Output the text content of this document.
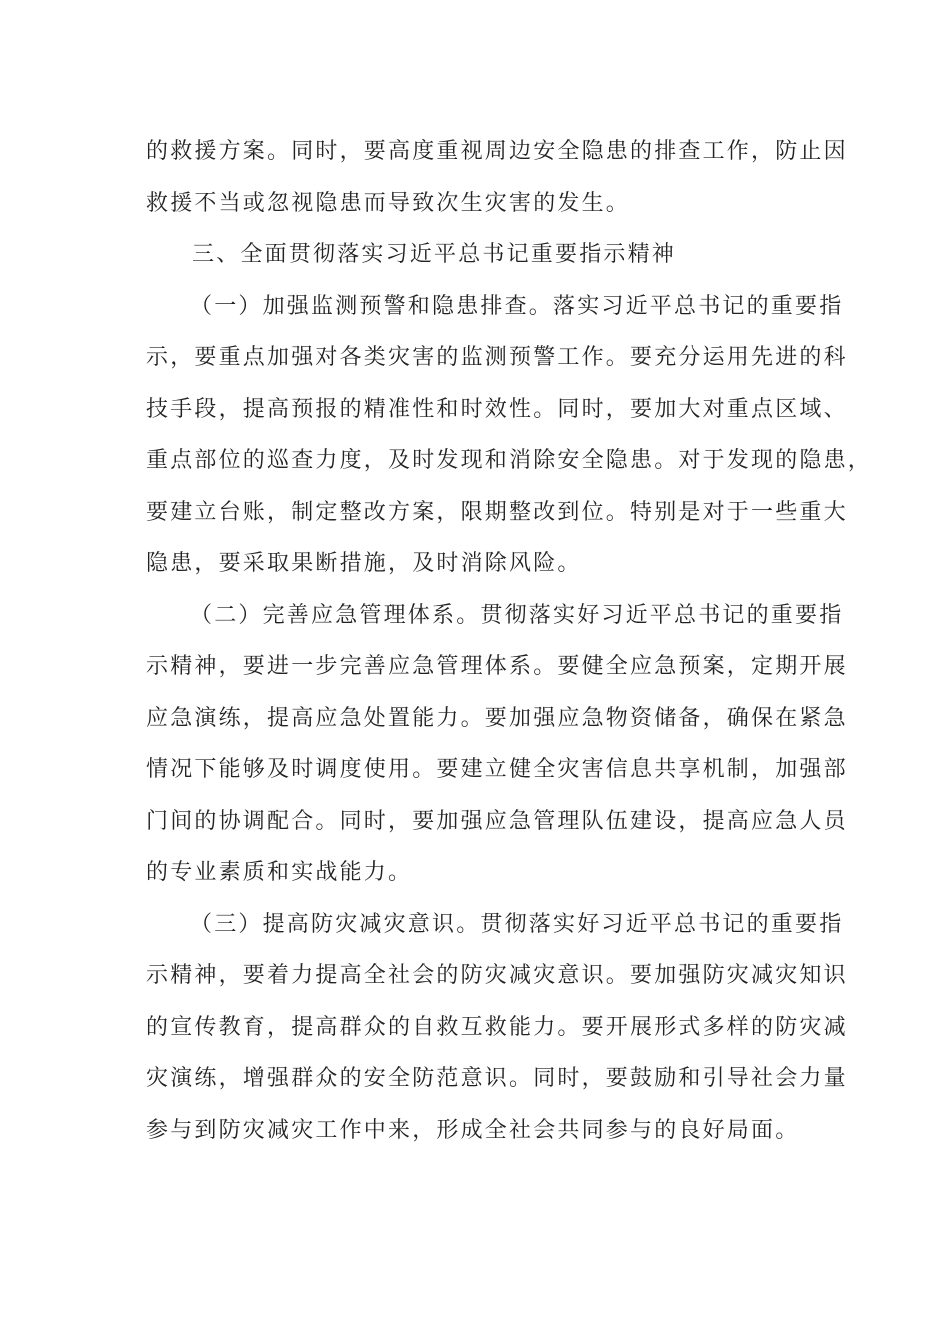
的救援方案。同时，要高度重视周边安全隐患的排查工作，防止因
救援不当或忽视隐患而导致次生灾害的发生。
三、全面贯彻落实习近平总书记重要指示精神
（一）加强监测预警和隐患排查。落实习近平总书记的重要指
示，要重点加强对各类灾害的监测预警工作。要充分运用先进的科
技手段，提高预报的精准性和时效性。同时，要加大对重点区域、
重点部位的巡查力度，及时发现和消除安全隐患。对于发现的隐患，
要建立台账，制定整改方案，限期整改到位。特别是对于一些重大
隐患，要采取果断措施，及时消除风险。
（二）完善应急管理体系。贯彻落实好习近平总书记的重要指
示精神，要进一步完善应急管理体系。要健全应急预案，定期开展
应急演练，提高应急处置能力。要加强应急物资储备，确保在紧急
情况下能够及时调度使用。要建立健全灾害信息共享机制，加强部
门间的协调配合。同时，要加强应急管理队伍建设，提高应急人员
的专业素质和实战能力。
（三）提高防灾减灾意识。贯彻落实好习近平总书记的重要指
示精神，要着力提高全社会的防灾减灾意识。要加强防灾减灾知识
的宣传教育，提高群众的自救互救能力。要开展形式多样的防灾减
灾演练，增强群众的安全防范意识。同时，要鼓励和引导社会力量
参与到防灾减灾工作中来，形成全社会共同参与的良好局面。
